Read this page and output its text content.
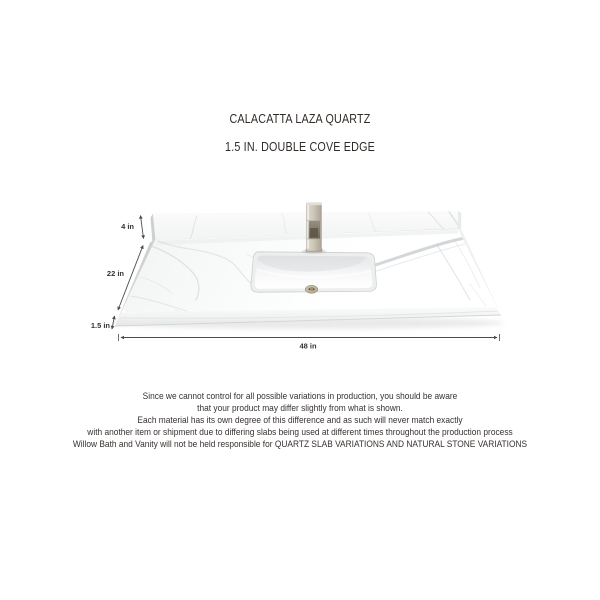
CALACATTA LAZA QUARTZ
1.5 IN. DOUBLE COVE EDGE
4 in
22 in
1.5 in
48 in
Since we cannot control for all possible variations in production, you should be aware
that your product may differ slightly from what is shown.
Each material has its own degree of this difference and as such will never match exactly
with another item or shipment due to differing slabs being used at different times throughout the production process
Willow Bath and Vanity will not be held responsible for QUARTZ SLAB VARIATIONS AND NATURAL STONE VARIATIONS
